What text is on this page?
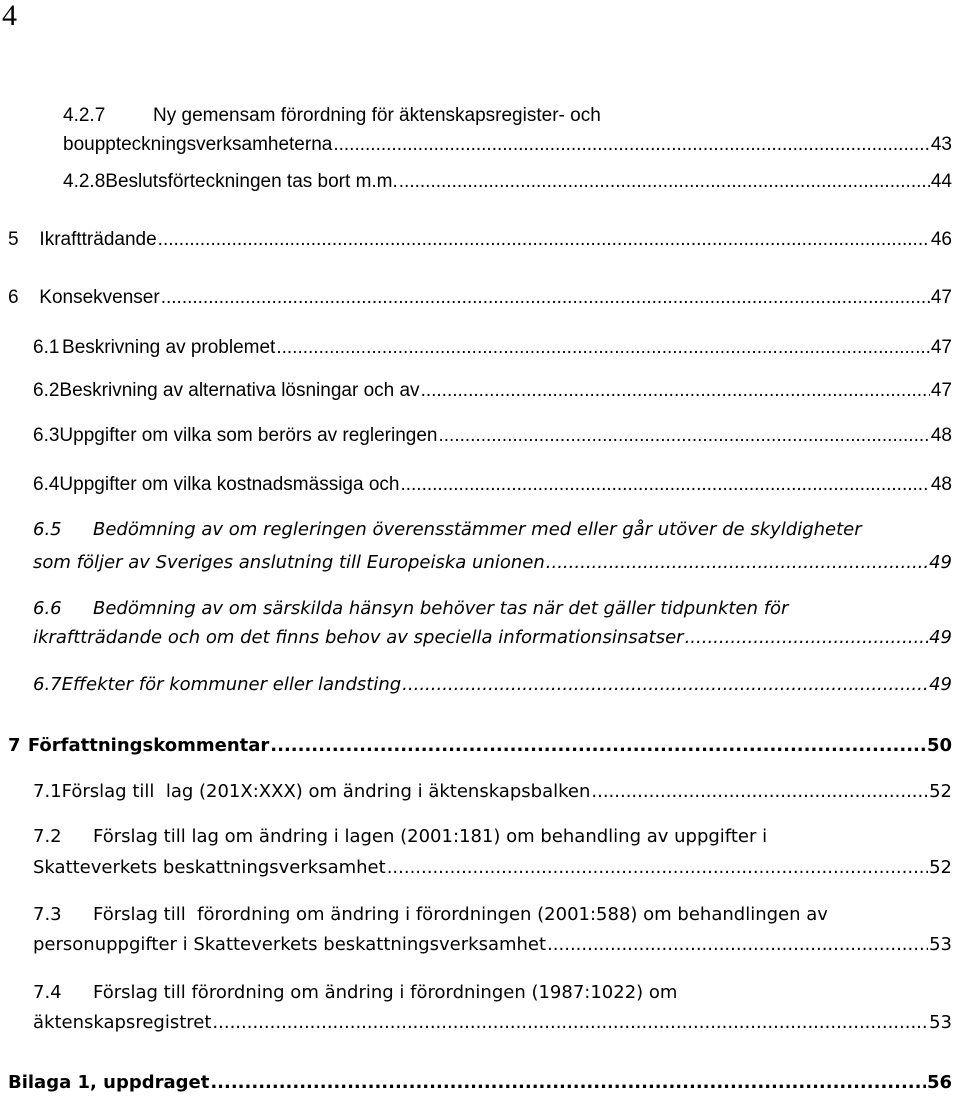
4
4.2.7	Ny gemensam förordning för äktenskapsregister- och
bouppteckningsverksamheterna .....	43
4.2.8 Beslutsförteckningen tas bort m.m. .....	44
5	Ikraftträdande .....	46
6	Konsekvenser .....	47
6.1 Beskrivning av problemet .....	47
6.2 Beskrivning av alternativa lösningar och av .....	47
6.3 Uppgifter om vilka som berörs av regleringen .....	48
6.4 Uppgifter om vilka kostnadsmässiga och .....	48
6.5 Bedömning av om regleringen överensstämmer med eller går utöver de skyldigheter
som följer av Sveriges anslutning till Europeiska unionen .....	49
6.6 Bedömning av om särskilda hänsyn behöver tas när det gäller tidpunkten för
ikraftträdande och om det finns behov av speciella informationsinsatser .....	49
6.7 Effekter för kommuner eller landsting .....	49
7 Författningskommentar .....	50
7.1 Förslag till  lag (201X:XXX) om ändring i äktenskapsbalken .....	52
7.2 Förslag till lag om ändring i lagen (2001:181) om behandling av uppgifter i
Skatteverkets beskattningsverksamhet .....	52
7.3 Förslag till  förordning om ändring i förordningen (2001:588) om behandlingen av
personuppgifter i Skatteverkets beskattningsverksamhet .....	53
7.4 Förslag till förordning om ändring i förordningen (1987:1022) om
äktenskapsregistret .....	53
Bilaga 1, uppdraget .....	56
